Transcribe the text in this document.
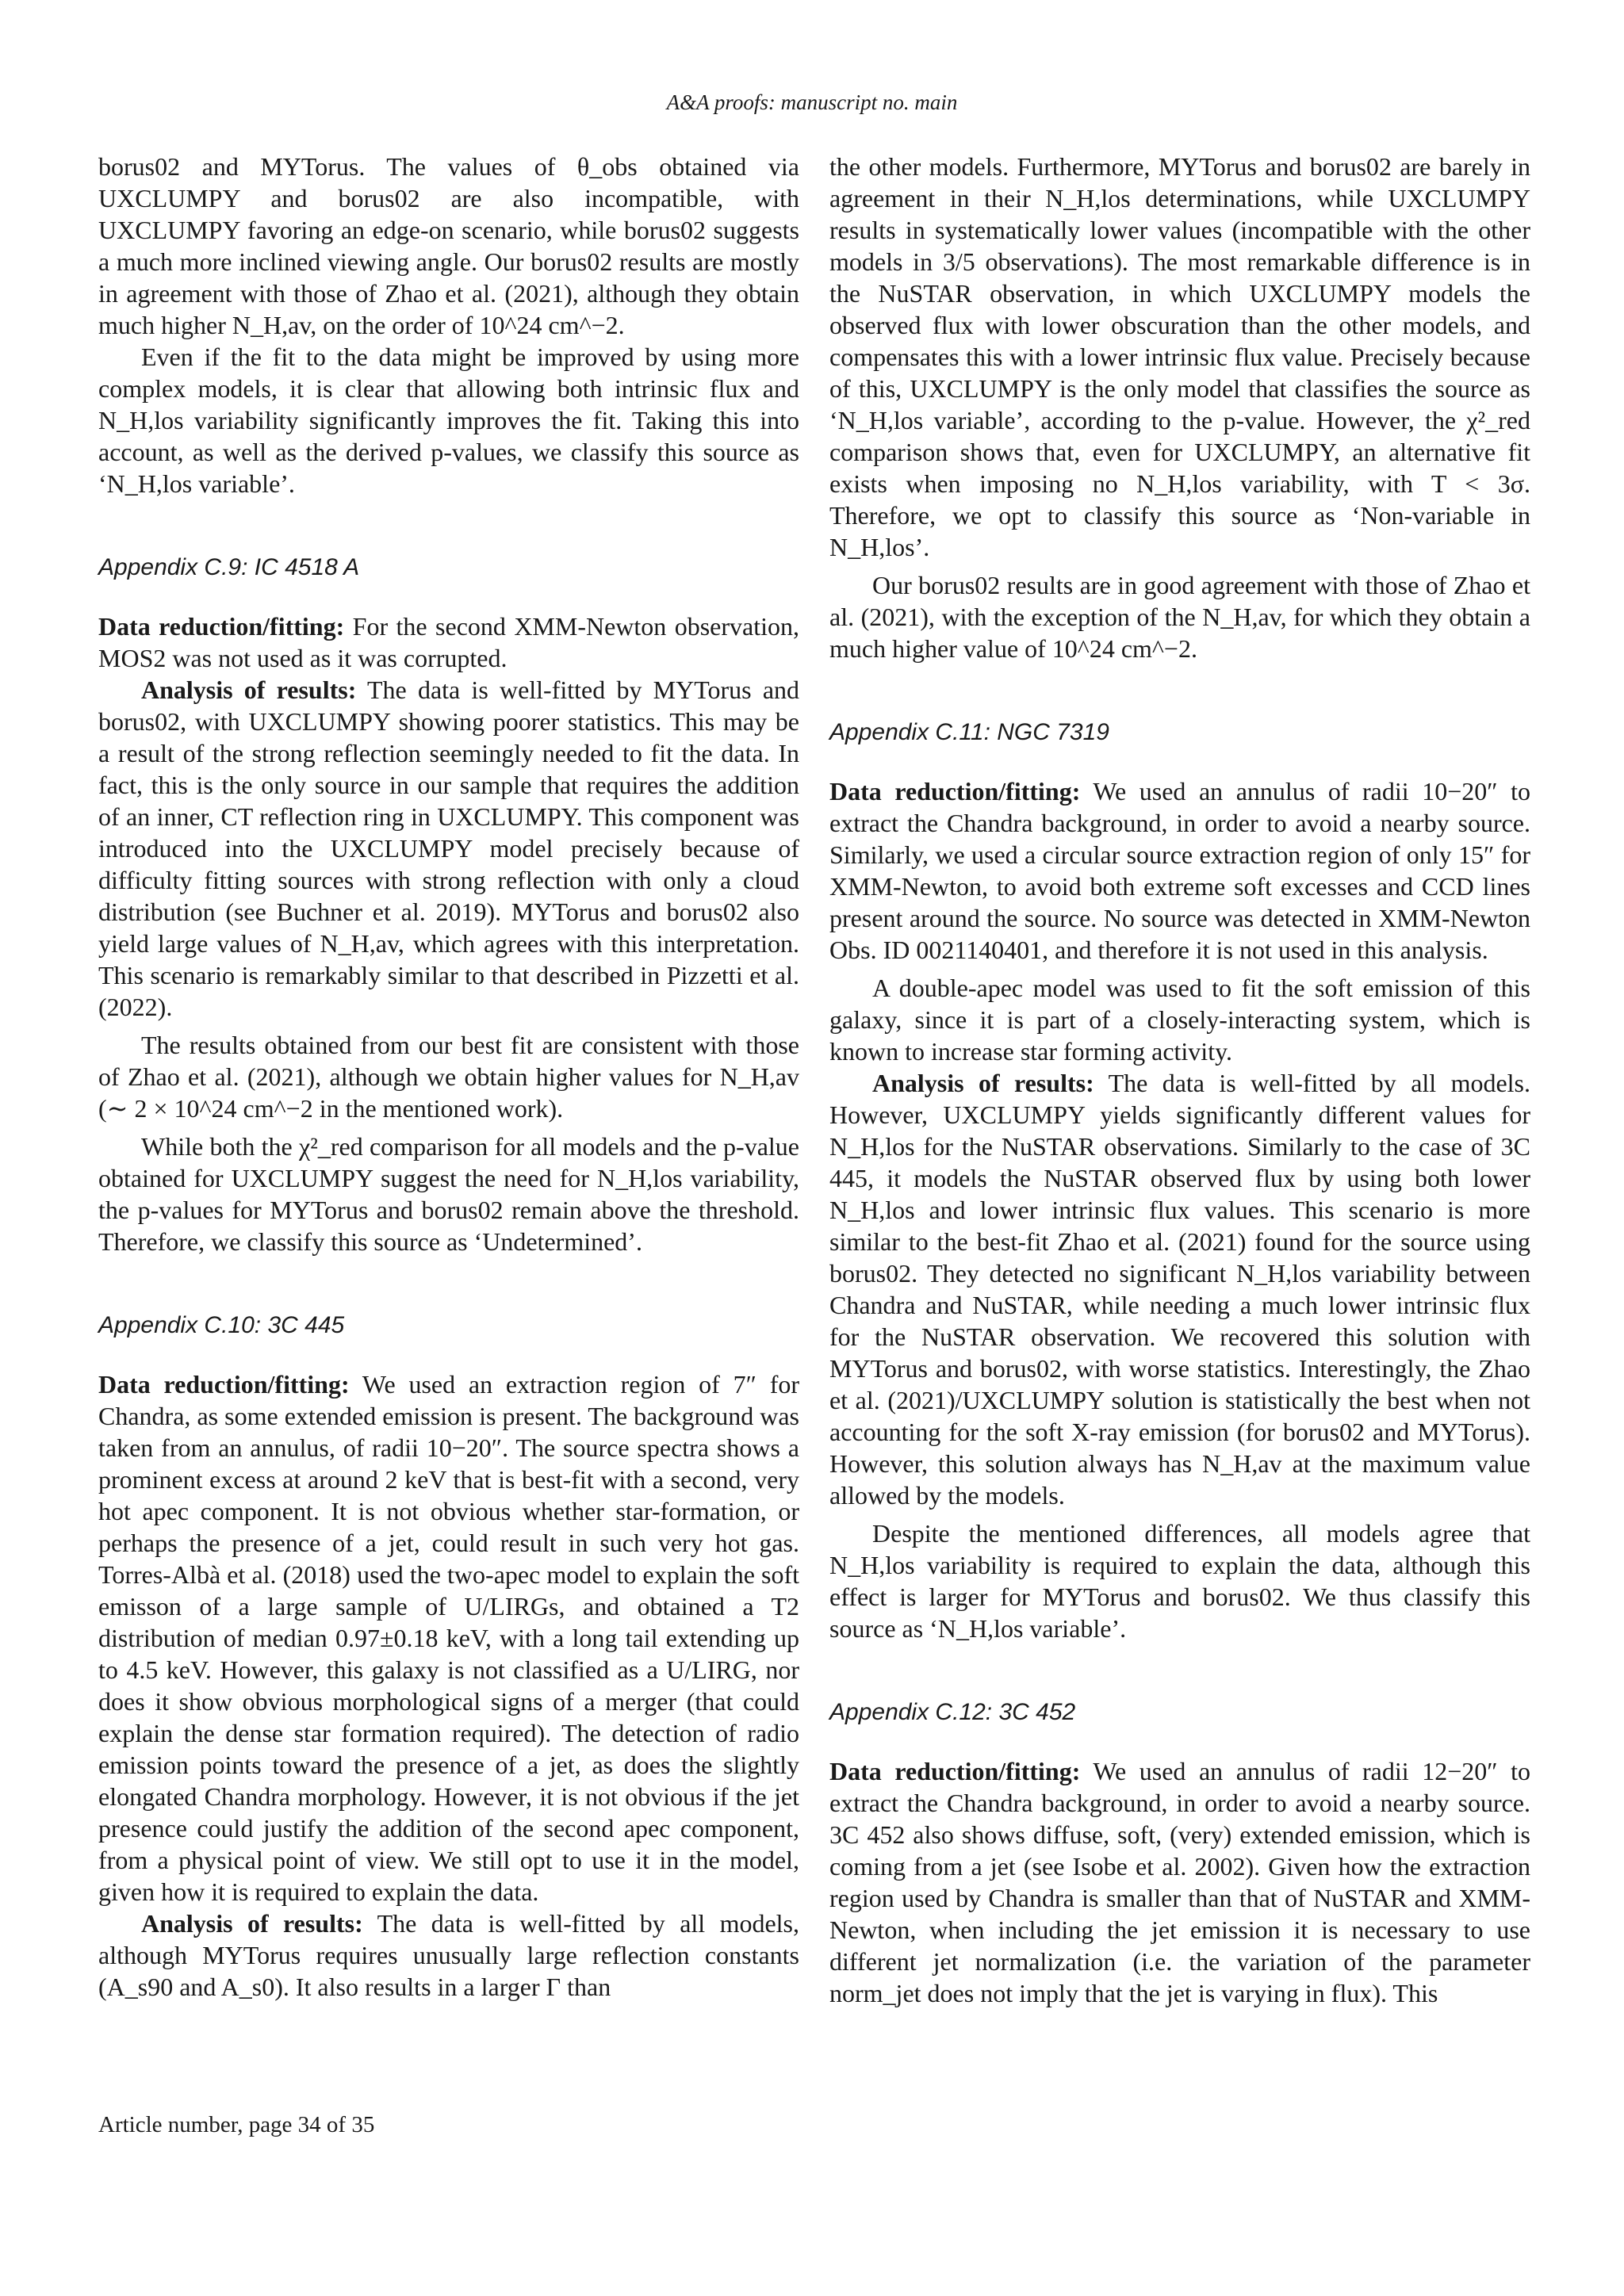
A&A proofs: manuscript no. main

borus02 and MYTorus. The values of θ_obs obtained via UXCLUMPY and borus02 are also incompatible, with UXCLUMPY favoring an edge-on scenario, while borus02 suggests a much more inclined viewing angle. Our borus02 results are mostly in agreement with those of Zhao et al. (2021), although they obtain much higher N_H,av, on the order of 10^24 cm^−2.

Even if the fit to the data might be improved by using more complex models, it is clear that allowing both intrinsic flux and N_H,los variability significantly improves the fit. Taking this into account, as well as the derived p-values, we classify this source as ‘N_H,los variable’.

Appendix C.9: IC 4518 A

Data reduction/fitting: For the second XMM-Newton observation, MOS2 was not used as it was corrupted.

Analysis of results: The data is well-fitted by MYTorus and borus02, with UXCLUMPY showing poorer statistics. This may be a result of the strong reflection seemingly needed to fit the data. In fact, this is the only source in our sample that requires the addition of an inner, CT reflection ring in UXCLUMPY. This component was introduced into the UXCLUMPY model precisely because of difficulty fitting sources with strong reflection with only a cloud distribution (see Buchner et al. 2019). MYTorus and borus02 also yield large values of N_H,av, which agrees with this interpretation. This scenario is remarkably similar to that described in Pizzetti et al. (2022).

The results obtained from our best fit are consistent with those of Zhao et al. (2021), although we obtain higher values for N_H,av (∼ 2 × 10^24 cm^−2 in the mentioned work).

While both the χ²_red comparison for all models and the p-value obtained for UXCLUMPY suggest the need for N_H,los variability, the p-values for MYTorus and borus02 remain above the threshold. Therefore, we classify this source as ‘Undetermined’.

Appendix C.10: 3C 445

Data reduction/fitting: We used an extraction region of 7″ for Chandra, as some extended emission is present. The background was taken from an annulus, of radii 10−20″. The source spectra shows a prominent excess at around 2 keV that is best-fit with a second, very hot apec component. It is not obvious whether star-formation, or perhaps the presence of a jet, could result in such very hot gas. Torres-Albà et al. (2018) used the two-apec model to explain the soft emisson of a large sample of U/LIRGs, and obtained a T2 distribution of median 0.97±0.18 keV, with a long tail extending up to 4.5 keV. However, this galaxy is not classified as a U/LIRG, nor does it show obvious morphological signs of a merger (that could explain the dense star formation required). The detection of radio emission points toward the presence of a jet, as does the slightly elongated Chandra morphology. However, it is not obvious if the jet presence could justify the addition of the second apec component, from a physical point of view. We still opt to use it in the model, given how it is required to explain the data.

Analysis of results: The data is well-fitted by all models, although MYTorus requires unusually large reflection constants (A_s90 and A_s0). It also results in a larger Γ than

the other models. Furthermore, MYTorus and borus02 are barely in agreement in their N_H,los determinations, while UXCLUMPY results in systematically lower values (incompatible with the other models in 3/5 observations). The most remarkable difference is in the NuSTAR observation, in which UXCLUMPY models the observed flux with lower obscuration than the other models, and compensates this with a lower intrinsic flux value. Precisely because of this, UXCLUMPY is the only model that classifies the source as ‘N_H,los variable’, according to the p-value. However, the χ²_red comparison shows that, even for UXCLUMPY, an alternative fit exists when imposing no N_H,los variability, with T < 3σ. Therefore, we opt to classify this source as ‘Non-variable in N_H,los’.

Our borus02 results are in good agreement with those of Zhao et al. (2021), with the exception of the N_H,av, for which they obtain a much higher value of 10^24 cm^−2.

Appendix C.11: NGC 7319

Data reduction/fitting: We used an annulus of radii 10−20″ to extract the Chandra background, in order to avoid a nearby source. Similarly, we used a circular source extraction region of only 15″ for XMM-Newton, to avoid both extreme soft excesses and CCD lines present around the source. No source was detected in XMM-Newton Obs. ID 0021140401, and therefore it is not used in this analysis.

A double-apec model was used to fit the soft emission of this galaxy, since it is part of a closely-interacting system, which is known to increase star forming activity.

Analysis of results: The data is well-fitted by all models. However, UXCLUMPY yields significantly different values for N_H,los for the NuSTAR observations. Similarly to the case of 3C 445, it models the NuSTAR observed flux by using both lower N_H,los and lower intrinsic flux values. This scenario is more similar to the best-fit Zhao et al. (2021) found for the source using borus02. They detected no significant N_H,los variability between Chandra and NuSTAR, while needing a much lower intrinsic flux for the NuSTAR observation. We recovered this solution with MYTorus and borus02, with worse statistics. Interestingly, the Zhao et al. (2021)/UXCLUMPY solution is statistically the best when not accounting for the soft X-ray emission (for borus02 and MYTorus). However, this solution always has N_H,av at the maximum value allowed by the models.

Despite the mentioned differences, all models agree that N_H,los variability is required to explain the data, although this effect is larger for MYTorus and borus02. We thus classify this source as ‘N_H,los variable’.

Appendix C.12: 3C 452

Data reduction/fitting: We used an annulus of radii 12−20″ to extract the Chandra background, in order to avoid a nearby source. 3C 452 also shows diffuse, soft, (very) extended emission, which is coming from a jet (see Isobe et al. 2002). Given how the extraction region used by Chandra is smaller than that of NuSTAR and XMM-Newton, when including the jet emission it is necessary to use different jet normalization (i.e. the variation of the parameter norm_jet does not imply that the jet is varying in flux). This

Article number, page 34 of 35
